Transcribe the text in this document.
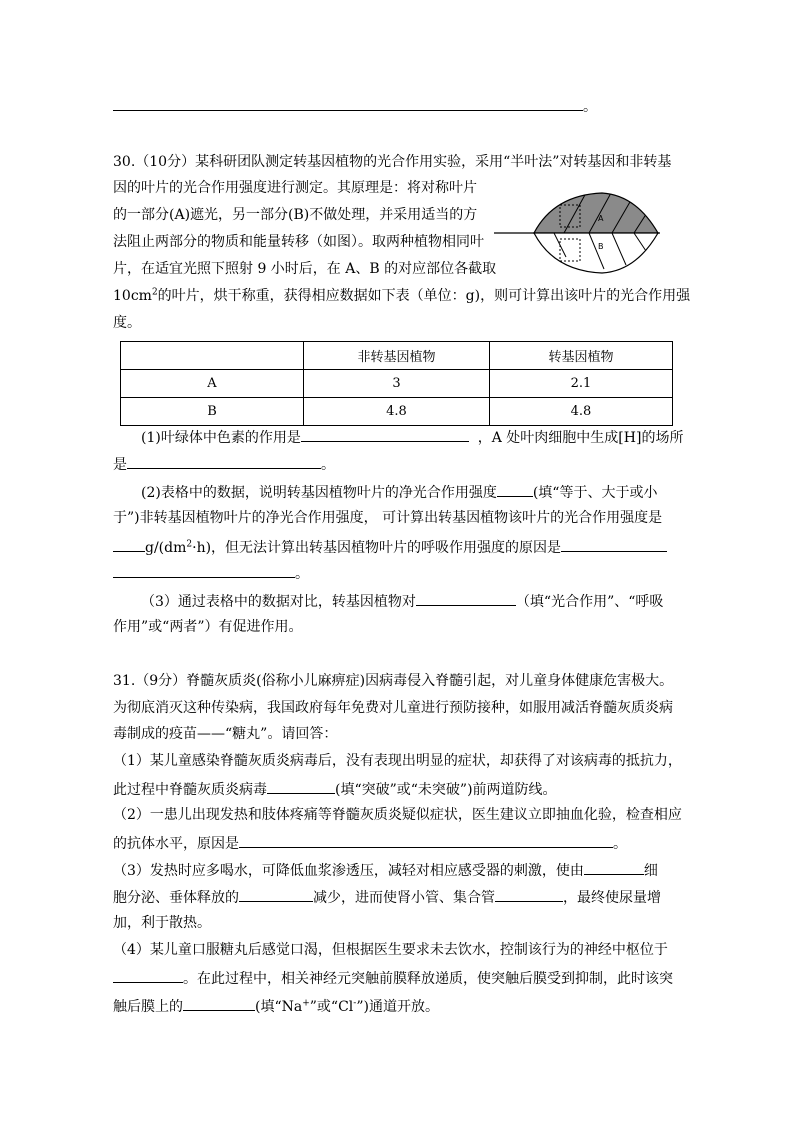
。
30.（10分）某科研团队测定转基因植物的光合作用实验，采用“半叶法”对转基因和非转基
因的叶片的光合作用强度进行测定。其原理是：将对称叶片
的一部分(A)遮光，另一部分(B)不做处理，并采用适当的方
法阻止两部分的物质和能量转移（如图）。取两种植物相同叶
片，在适宜光照下照射 9 小时后，在 A、B 的对应部位各截取
$10cm^2$的叶片，烘干称重，获得相应数据如下表（单位：g)，则可计算出该叶片的光合作用强
度。
A
B
	非转基因植物	转基因植物
A	3	2.1
B	4.8	4.8
(1)叶绿体中色素的作用是	，A 处叶肉细胞中生成[H]的场所
是	。
(2)表格中的数据，说明转基因植物叶片的净光合作用强度	(填“等于、大于或小
于”)非转基因植物叶片的净光合作用强度， 可计算出转基因植物该叶片的光合作用强度是
$g/(dm^2\cdot h)$，但无法计算出转基因植物叶片的呼吸作用强度的原因是
。
（3）通过表格中的数据对比，转基因植物对	（填“光合作用”、“呼吸
作用”或“两者”）有促进作用。
31.（9分）脊髓灰质炎(俗称小儿麻痹症)因病毒侵入脊髓引起，对儿童身体健康危害极大。
为彻底消灭这种传染病，我国政府每年免费对儿童进行预防接种，如服用减活脊髓灰质炎病
毒制成的疫苗——“糖丸”。请回答：
（1）某儿童感染脊髓灰质炎病毒后，没有表现出明显的症状，却获得了对该病毒的抵抗力，
此过程中脊髓灰质炎病毒	(填“突破”或“未突破”)前两道防线。
（2）一患儿出现发热和肢体疼痛等脊髓灰质炎疑似症状，医生建议立即抽血化验，检查相应
的抗体水平，原因是	。
（3）发热时应多喝水，可降低血浆渗透压，减轻对相应感受器的刺激，使由	细
胞分泌、垂体释放的	减少，进而使肾小管、集合管	，最终使尿量增
加，利于散热。
（4）某儿童口服糖丸后感觉口渴，但根据医生要求未去饮水，控制该行为的神经中枢位于
。在此过程中，相关神经元突触前膜释放递质，使突触后膜受到抑制，此时该突
触后膜上的	(填“Na+”或“Cl-”)通道开放。
